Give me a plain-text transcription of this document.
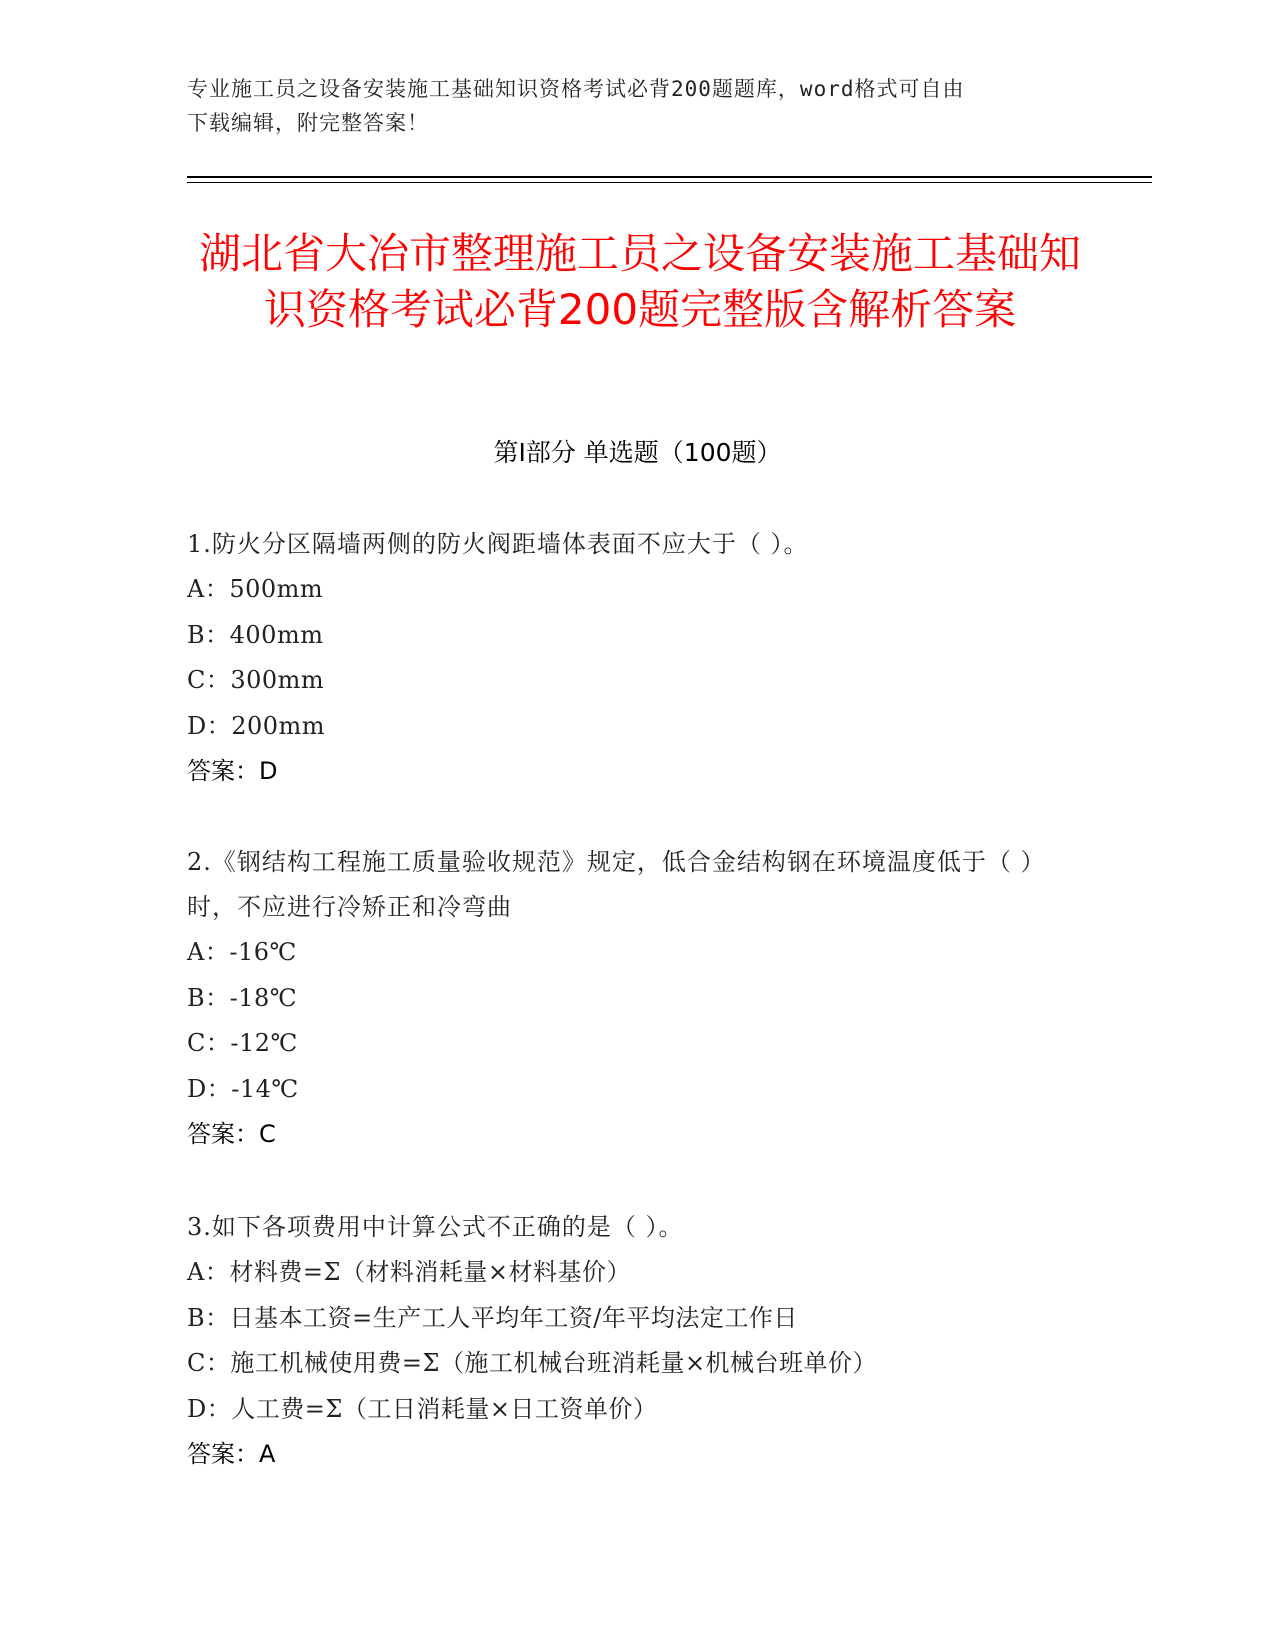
专业施工员之设备安装施工基础知识资格考试必背200题题库，word格式可自由
下载编辑，附完整答案！
湖北省大冶市整理施工员之设备安装施工基础知识资格考试必背200题完整版含解析答案
第Ⅰ部分 单选题（100题）

1.防火分区隔墙两侧的防火阀距墙体表面不应大于（ ）。

A：500mm

B：400mm

C：300mm

D：200mm

答案：D

2.《钢结构工程施工质量验收规范》规定，低合金结构钢在环境温度低于（ ）时，不应进行冷矫正和冷弯曲

A：-16℃

B：-18℃

C：-12℃

D：-14℃

答案：C

3.如下各项费用中计算公式不正确的是（ ）。

A：材料费=Σ（材料消耗量×材料基价）

B：日基本工资=生产工人平均年工资/年平均法定工作日

C：施工机械使用费=Σ（施工机械台班消耗量×机械台班单价）

D：人工费=Σ（工日消耗量×日工资单价）

答案：A
